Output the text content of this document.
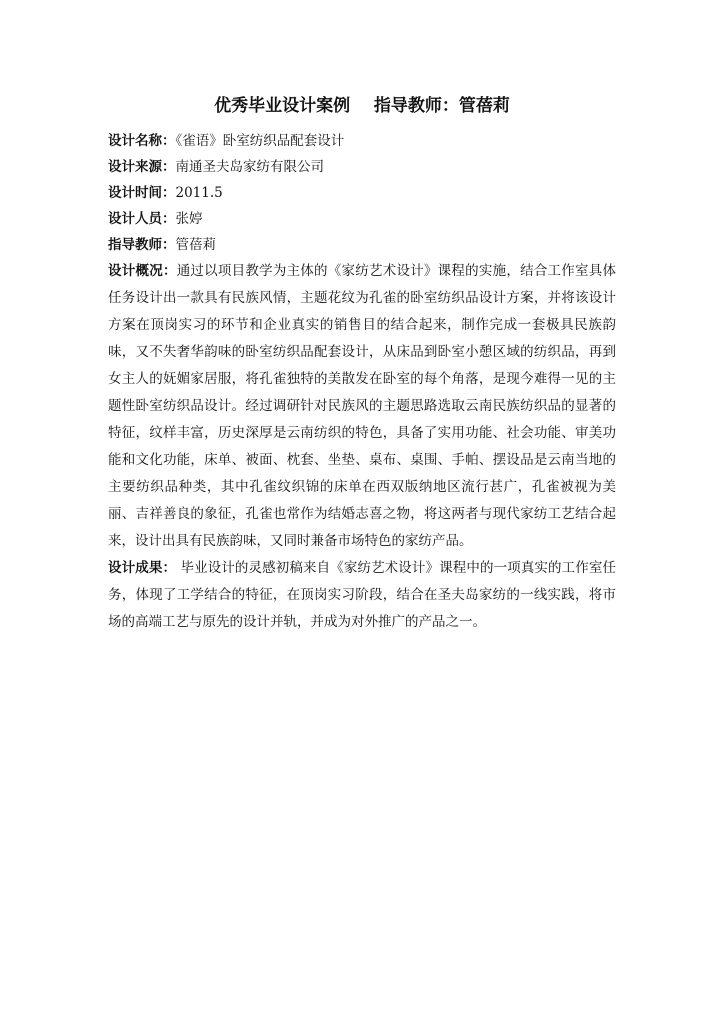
优秀毕业设计案例    指导教师：管蓓莉

设计名称：《雀语》卧室纺织品配套设计

设计来源：南通圣夫岛家纺有限公司

设计时间：2011.5

设计人员：张婷

指导教师：管蓓莉

设计概况：通过以项目教学为主体的《家纺艺术设计》课程的实施，结合工作室具体任务设计出一款具有民族风情，主题花纹为孔雀的卧室纺织品设计方案，并将该设计方案在顶岗实习的环节和企业真实的销售目的结合起来，制作完成一套极具民族韵味，又不失奢华韵味的卧室纺织品配套设计，从床品到卧室小憩区域的纺织品，再到女主人的妩媚家居服，将孔雀独特的美散发在卧室的每个角落，是现今难得一见的主题性卧室纺织品设计。经过调研针对民族风的主题思路选取云南民族纺织品的显著的特征，纹样丰富，历史深厚是云南纺织的特色，具备了实用功能、社会功能、审美功能和文化功能，床单、被面、枕套、坐垫、桌布、桌围、手帕、摆设品是云南当地的主要纺织品种类，其中孔雀纹织锦的床单在西双版纳地区流行甚广，孔雀被视为美丽、吉祥善良的象征，孔雀也常作为结婚志喜之物，将这两者与现代家纺工艺结合起来，设计出具有民族韵味，又同时兼备市场特色的家纺产品。

设计成果： 毕业设计的灵感初稿来自《家纺艺术设计》课程中的一项真实的工作室任务，体现了工学结合的特征，在顶岗实习阶段，结合在圣夫岛家纺的一线实践，将市场的高端工艺与原先的设计并轨，并成为对外推广的产品之一。
